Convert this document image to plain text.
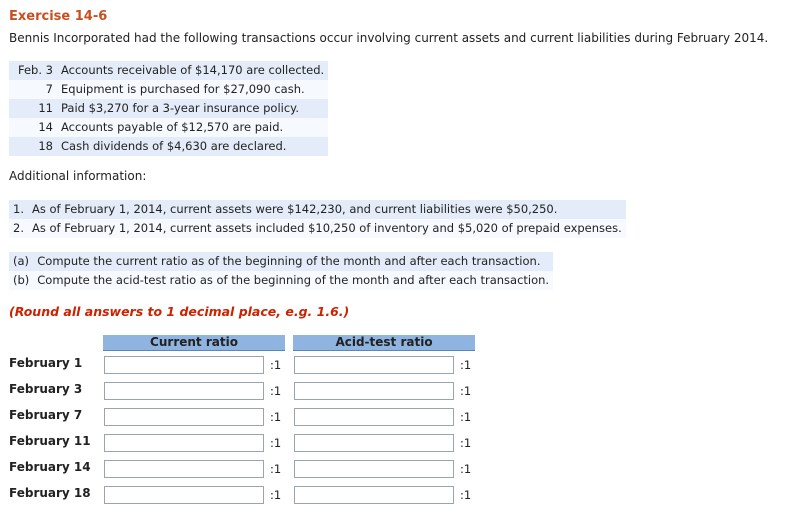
Exercise 14-6
Bennis Incorporated had the following transactions occur involving current assets and current liabilities during February 2014.
Feb. 3	Accounts receivable of $14,170 are collected.
7	Equipment is purchased for $27,090 cash.
11	Paid $3,270 for a 3-year insurance policy.
14	Accounts payable of $12,570 are paid.
18	Cash dividends of $4,630 are declared.
Additional information:
1.	As of February 1, 2014, current assets were $142,230, and current liabilities were $50,250.
2.	As of February 1, 2014, current assets included $10,250 of inventory and $5,020 of prepaid expenses.
(a)	Compute the current ratio as of the beginning of the month and after each transaction.
(b)	Compute the acid-test ratio as of the beginning of the month and after each transaction.
(Round all answers to 1 decimal place, e.g. 1.6.)
Current ratio	Acid-test ratio
February 1	:1	:1
February 3	:1	:1
February 7	:1	:1
February 11	:1	:1
February 14	:1	:1
February 18	:1	:1
